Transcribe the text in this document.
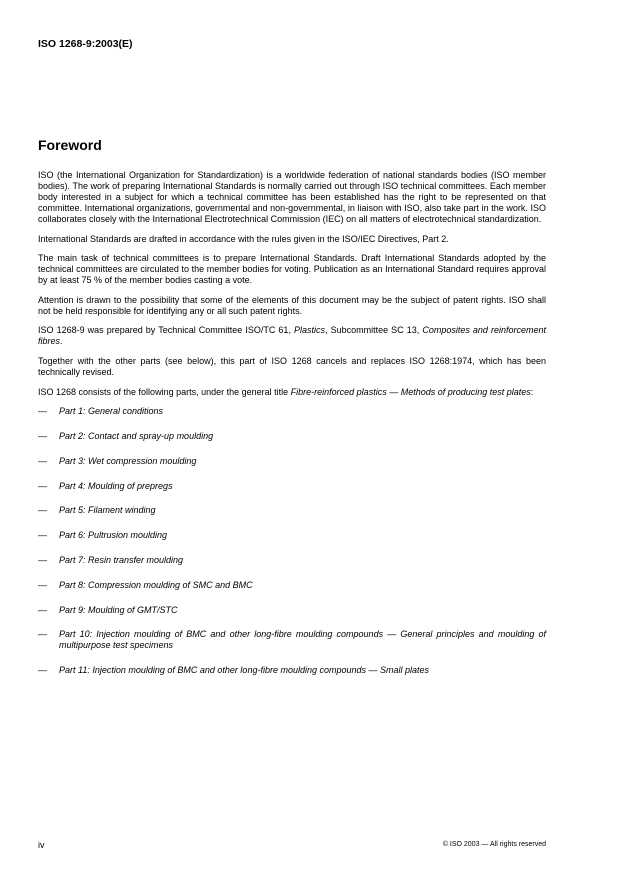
ISO 1268-9:2003(E)
Foreword

ISO (the International Organization for Standardization) is a worldwide federation of national standards bodies (ISO member bodies). The work of preparing International Standards is normally carried out through ISO technical committees. Each member body interested in a subject for which a technical committee has been established has the right to be represented on that committee. International organizations, governmental and non-governmental, in liaison with ISO, also take part in the work. ISO collaborates closely with the International Electrotechnical Commission (IEC) on all matters of electrotechnical standardization.

International Standards are drafted in accordance with the rules given in the ISO/IEC Directives, Part 2.

The main task of technical committees is to prepare International Standards. Draft International Standards adopted by the technical committees are circulated to the member bodies for voting. Publication as an International Standard requires approval by at least 75 % of the member bodies casting a vote.

Attention is drawn to the possibility that some of the elements of this document may be the subject of patent rights. ISO shall not be held responsible for identifying any or all such patent rights.

ISO 1268-9 was prepared by Technical Committee ISO/TC 61, Plastics, Subcommittee SC 13, Composites and reinforcement fibres.

Together with the other parts (see below), this part of ISO 1268 cancels and replaces ISO 1268:1974, which has been technically revised.

ISO 1268 consists of the following parts, under the general title Fibre-reinforced plastics — Methods of producing test plates:

— Part 1: General conditions
— Part 2: Contact and spray-up moulding
— Part 3: Wet compression moulding
— Part 4: Moulding of prepregs
— Part 5: Filament winding
— Part 6: Pultrusion moulding
— Part 7: Resin transfer moulding
— Part 8: Compression moulding of SMC and BMC
— Part 9: Moulding of GMT/STC
— Part 10: Injection moulding of BMC and other long-fibre moulding compounds — General principles and moulding of multipurpose test specimens
— Part 11: Injection moulding of BMC and other long-fibre moulding compounds — Small plates
iv	© ISO 2003 — All rights reserved
